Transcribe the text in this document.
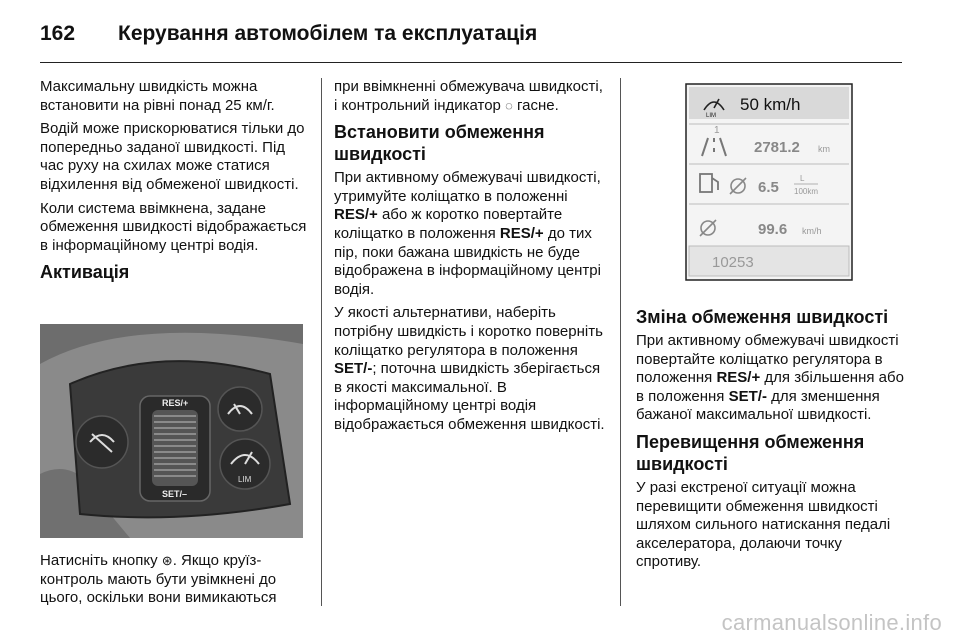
162 Керування автомобілем та експлуатація

Максимальну швидкість можна встановити на рівні понад 25 км/г.

Водій може прискорюватися тільки до попередньо заданої швидкості. Під час руху на схилах може статися відхилення від обмеженої швидкості.

Коли система ввімкнена, задане обмеження швидкості відображається в інформаційному центрі водія.

Активація
RES/+
SET/–
LIM
Натисніть кнопку ⊛. Якщо круїз-контроль мають бути увімкнені до цього, оскільки вони вимикаються

при ввімкненні обмежувача швидкості, і контрольний індикатор ◌ гасне.

Встановити обмеження швидкості

При активному обмежувачі швидкості, утримуйте коліщатко в положенні RES/+ або ж коротко повертайте коліщатко в положення RES/+ до тих пір, поки бажана швидкість не буде відображена в інформаційному центрі водія.

У якості альтернативи, наберіть потрібну швидкість і коротко поверніть коліщатко регулятора в положення SET/-; поточна швидкість зберігається в якості максимальної. В інформаційному центрі водія відображається обмеження швидкості.

LIM
50 km/h
1
2781.2 km
6.5
L
100km
99.6 km/h
10253
Зміна обмеження швидкості

При активному обмежувачі швидкості повертайте коліщатко регулятора в положення RES/+ для збільшення або в положення SET/- для зменшення бажаної максимальної швидкості.

Перевищення обмеження швидкості

У разі екстреної ситуації можна перевищити обмеження швидкості шляхом сильного натискання педалі акселератора, долаючи точку спротиву.

carmanualsonline.info
